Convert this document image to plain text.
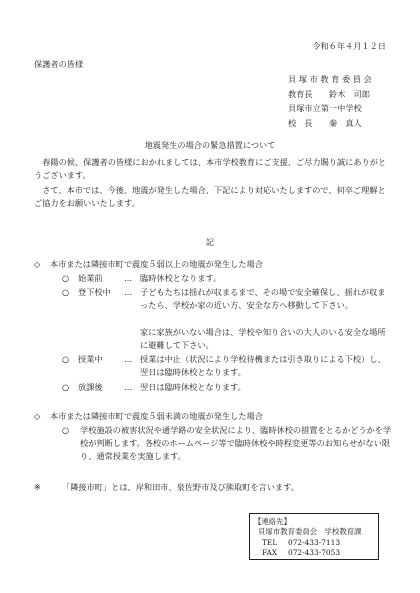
令和６年４月１２日
保護者の皆様
貝 塚 市 教 育 委 員 会
教育長　　鈴木　司郎
貝塚市立第一中学校
校　長　　秦　真人
地震発生の場合の緊急措置について
春陽の候、保護者の皆様におかれましては、本市学校教育にご支援、ご尽力賜り誠にありがとうございます。
さて、本市では、今後、地震が発生した場合、下記により対応いたしますので、何卒ご理解とご協力をお願いいたします。
記
◇ 本市または隣接市町で震度５弱以上の地震が発生した場合
○ 始業前	… 臨時休校となります。
○ 登下校中 … 子どもたちは揺れが収まるまで、その場で安全確保し、揺れが収まったら、学校か家の近い方、安全な方へ移動して下さい。
家に家族がいない場合は、学校や知り合いの大人のいる安全な場所に避難して下さい。
○ 授業中	… 授業は中止（状況により学校待機または引き取りによる下校）し、翌日は臨時休校となります。
○ 放課後	… 翌日は臨時休校となります。
◇ 本市または隣接市町で震度５弱未満の地震が発生した場合
○	学校施設の被害状況や通学路の安全状況により、臨時休校の措置をとるかどうかを学校が判断します。各校のホームページ等で臨時休校や時程変更等のお知らせがない限り、通常授業を実施します。
※	「隣接市町」とは、岸和田市、泉佐野市及び熊取町を言います。
【連絡先】
貝塚市教育委員会　学校教育課
TEL 072-433-7113
FAX 072-433-7053
